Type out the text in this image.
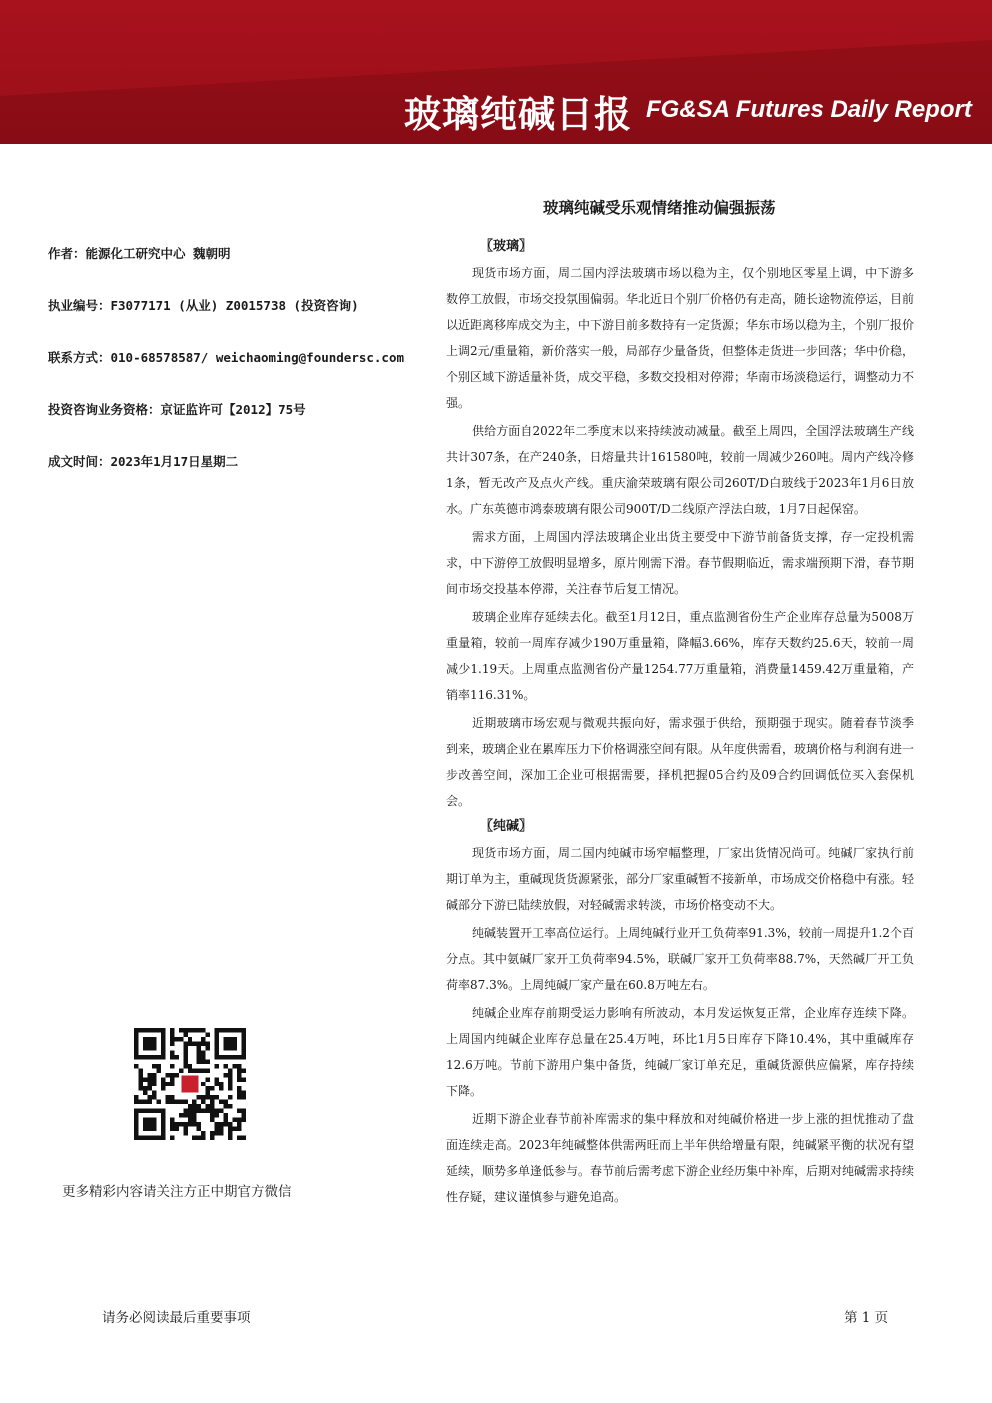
玻璃纯碱日报 FG&SA Futures Daily Report
玻璃纯碱受乐观情绪推动偏强振荡
作者：能源化工研究中心 魏朝明
执业编号：F3077171 (从业) Z0015738 (投资咨询)
联系方式：010-68578587/ weichaoming@foundersc.com
投资咨询业务资格：京证监许可【2012】75号
成文时间：2023年1月17日星期二
更多精彩内容请关注方正中期官方微信
〖玻璃〗

现货市场方面，周二国内浮法玻璃市场以稳为主，仅个别地区零星上调，中下游多数停工放假，市场交投氛围偏弱。华北近日个别厂价格仍有走高，随长途物流停运，目前以近距离移库成交为主，中下游目前多数持有一定货源；华东市场以稳为主，个别厂报价上调2元/重量箱，新价落实一般，局部存少量备货，但整体走货进一步回落；华中价稳，个别区域下游适量补货，成交平稳，多数交投相对停滞；华南市场淡稳运行，调整动力不强。

供给方面自2022年二季度末以来持续波动减量。截至上周四，全国浮法玻璃生产线共计307条，在产240条，日熔量共计161580吨，较前一周减少260吨。周内产线冷修1条，暂无改产及点火产线。重庆渝荣玻璃有限公司260T/D白玻线于2023年1月6日放水。广东英德市鸿泰玻璃有限公司900T/D二线原产浮法白玻，1月7日起保窑。

需求方面，上周国内浮法玻璃企业出货主要受中下游节前备货支撑，存一定投机需求，中下游停工放假明显增多，原片刚需下滑。春节假期临近，需求端预期下滑，春节期间市场交投基本停滞，关注春节后复工情况。

玻璃企业库存延续去化。截至1月12日，重点监测省份生产企业库存总量为5008万重量箱，较前一周库存减少190万重量箱，降幅3.66%，库存天数约25.6天，较前一周减少1.19天。上周重点监测省份产量1254.77万重量箱，消费量1459.42万重量箱，产销率116.31%。

近期玻璃市场宏观与微观共振向好，需求强于供给，预期强于现实。随着春节淡季到来，玻璃企业在累库压力下价格调涨空间有限。从年度供需看，玻璃价格与利润有进一步改善空间，深加工企业可根据需要，择机把握05合约及09合约回调低位买入套保机会。

〖纯碱〗

现货市场方面，周二国内纯碱市场窄幅整理，厂家出货情况尚可。纯碱厂家执行前期订单为主，重碱现货货源紧张，部分厂家重碱暂不接新单，市场成交价格稳中有涨。轻碱部分下游已陆续放假，对轻碱需求转淡，市场价格变动不大。

纯碱装置开工率高位运行。上周纯碱行业开工负荷率91.3%，较前一周提升1.2个百分点。其中氨碱厂家开工负荷率94.5%，联碱厂家开工负荷率88.7%，天然碱厂开工负荷率87.3%。上周纯碱厂家产量在60.8万吨左右。

纯碱企业库存前期受运力影响有所波动，本月发运恢复正常，企业库存连续下降。上周国内纯碱企业库存总量在25.4万吨，环比1月5日库存下降10.4%，其中重碱库存12.6万吨。节前下游用户集中备货，纯碱厂家订单充足，重碱货源供应偏紧，库存持续下降。

近期下游企业春节前补库需求的集中释放和对纯碱价格进一步上涨的担忧推动了盘面连续走高。2023年纯碱整体供需两旺而上半年供给增量有限，纯碱紧平衡的状况有望延续，顺势多单逢低参与。春节前后需考虑下游企业经历集中补库，后期对纯碱需求持续性存疑，建议谨慎参与避免追高。

请务必阅读最后重要事项	第 1 页
